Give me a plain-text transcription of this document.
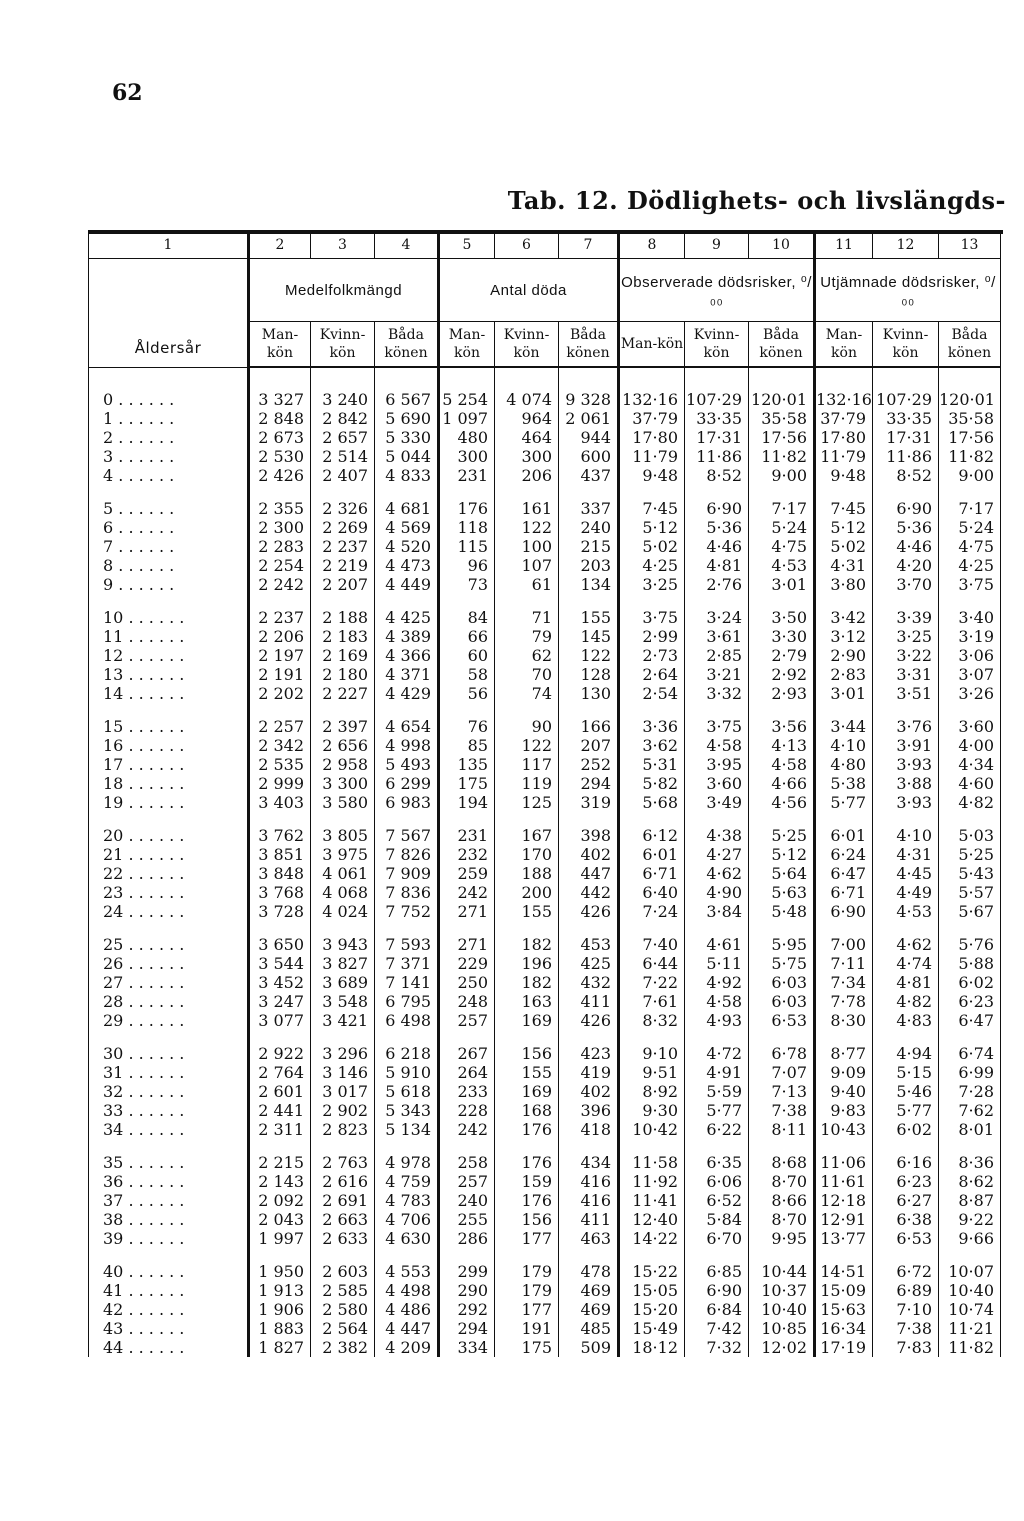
62
Tab. 12. Dödlighets- och livslängds-
1	2	3	4	5	6	7	8	9	10	11	12	13
Åldersår	Medelfolkmängd			Antal döda			Observerade dödsrisker, ⁰/₀₀			Utjämnade dödsrisker, ⁰/₀₀		
	Man-kön	Kvinn-kön	Båda könen	Man-kön	Kvinn-kön	Båda könen	Man-kön	Kvinn-kön	Båda könen	Man-kön	Kvinn-kön	Båda könen

0 . . . . . .	3 327	3 240	6 567	5 254	4 074	9 328	132·16	107·29	120·01	132·16	107·29	120·01
1 . . . . . .	2 848	2 842	5 690	1 097	964	2 061	37·79	33·35	35·58	37·79	33·35	35·58
2 . . . . . .	2 673	2 657	5 330	480	464	944	17·80	17·31	17·56	17·80	17·31	17·56
3 . . . . . .	2 530	2 514	5 044	300	300	600	11·79	11·86	11·82	11·79	11·86	11·82
4 . . . . . .	2 426	2 407	4 833	231	206	437	9·48	8·52	9·00	9·48	8·52	9·00

5 . . . . . .	2 355	2 326	4 681	176	161	337	7·45	6·90	7·17	7·45	6·90	7·17
6 . . . . . .	2 300	2 269	4 569	118	122	240	5·12	5·36	5·24	5·12	5·36	5·24
7 . . . . . .	2 283	2 237	4 520	115	100	215	5·02	4·46	4·75	5·02	4·46	4·75
8 . . . . . .	2 254	2 219	4 473	96	107	203	4·25	4·81	4·53	4·31	4·20	4·25
9 . . . . . .	2 242	2 207	4 449	73	61	134	3·25	2·76	3·01	3·80	3·70	3·75

10 . . . . . .	2 237	2 188	4 425	84	71	155	3·75	3·24	3·50	3·42	3·39	3·40
11 . . . . . .	2 206	2 183	4 389	66	79	145	2·99	3·61	3·30	3·12	3·25	3·19
12 . . . . . .	2 197	2 169	4 366	60	62	122	2·73	2·85	2·79	2·90	3·22	3·06
13 . . . . . .	2 191	2 180	4 371	58	70	128	2·64	3·21	2·92	2·83	3·31	3·07
14 . . . . . .	2 202	2 227	4 429	56	74	130	2·54	3·32	2·93	3·01	3·51	3·26

15 . . . . . .	2 257	2 397	4 654	76	90	166	3·36	3·75	3·56	3·44	3·76	3·60
16 . . . . . .	2 342	2 656	4 998	85	122	207	3·62	4·58	4·13	4·10	3·91	4·00
17 . . . . . .	2 535	2 958	5 493	135	117	252	5·31	3·95	4·58	4·80	3·93	4·34
18 . . . . . .	2 999	3 300	6 299	175	119	294	5·82	3·60	4·66	5·38	3·88	4·60
19 . . . . . .	3 403	3 580	6 983	194	125	319	5·68	3·49	4·56	5·77	3·93	4·82

20 . . . . . .	3 762	3 805	7 567	231	167	398	6·12	4·38	5·25	6·01	4·10	5·03
21 . . . . . .	3 851	3 975	7 826	232	170	402	6·01	4·27	5·12	6·24	4·31	5·25
22 . . . . . .	3 848	4 061	7 909	259	188	447	6·71	4·62	5·64	6·47	4·45	5·43
23 . . . . . .	3 768	4 068	7 836	242	200	442	6·40	4·90	5·63	6·71	4·49	5·57
24 . . . . . .	3 728	4 024	7 752	271	155	426	7·24	3·84	5·48	6·90	4·53	5·67

25 . . . . . .	3 650	3 943	7 593	271	182	453	7·40	4·61	5·95	7·00	4·62	5·76
26 . . . . . .	3 544	3 827	7 371	229	196	425	6·44	5·11	5·75	7·11	4·74	5·88
27 . . . . . .	3 452	3 689	7 141	250	182	432	7·22	4·92	6·03	7·34	4·81	6·02
28 . . . . . .	3 247	3 548	6 795	248	163	411	7·61	4·58	6·03	7·78	4·82	6·23
29 . . . . . .	3 077	3 421	6 498	257	169	426	8·32	4·93	6·53	8·30	4·83	6·47

30 . . . . . .	2 922	3 296	6 218	267	156	423	9·10	4·72	6·78	8·77	4·94	6·74
31 . . . . . .	2 764	3 146	5 910	264	155	419	9·51	4·91	7·07	9·09	5·15	6·99
32 . . . . . .	2 601	3 017	5 618	233	169	402	8·92	5·59	7·13	9·40	5·46	7·28
33 . . . . . .	2 441	2 902	5 343	228	168	396	9·30	5·77	7·38	9·83	5·77	7·62
34 . . . . . .	2 311	2 823	5 134	242	176	418	10·42	6·22	8·11	10·43	6·02	8·01

35 . . . . . .	2 215	2 763	4 978	258	176	434	11·58	6·35	8·68	11·06	6·16	8·36
36 . . . . . .	2 143	2 616	4 759	257	159	416	11·92	6·06	8·70	11·61	6·23	8·62
37 . . . . . .	2 092	2 691	4 783	240	176	416	11·41	6·52	8·66	12·18	6·27	8·87
38 . . . . . .	2 043	2 663	4 706	255	156	411	12·40	5·84	8·70	12·91	6·38	9·22
39 . . . . . .	1 997	2 633	4 630	286	177	463	14·22	6·70	9·95	13·77	6·53	9·66

40 . . . . . .	1 950	2 603	4 553	299	179	478	15·22	6·85	10·44	14·51	6·72	10·07
41 . . . . . .	1 913	2 585	4 498	290	179	469	15·05	6·90	10·37	15·09	6·89	10·40
42 . . . . . .	1 906	2 580	4 486	292	177	469	15·20	6·84	10·40	15·63	7·10	10·74
43 . . . . . .	1 883	2 564	4 447	294	191	485	15·49	7·42	10·85	16·34	7·38	11·21
44 . . . . . .	1 827	2 382	4 209	334	175	509	18·12	7·32	12·02	17·19	7·83	11·82
